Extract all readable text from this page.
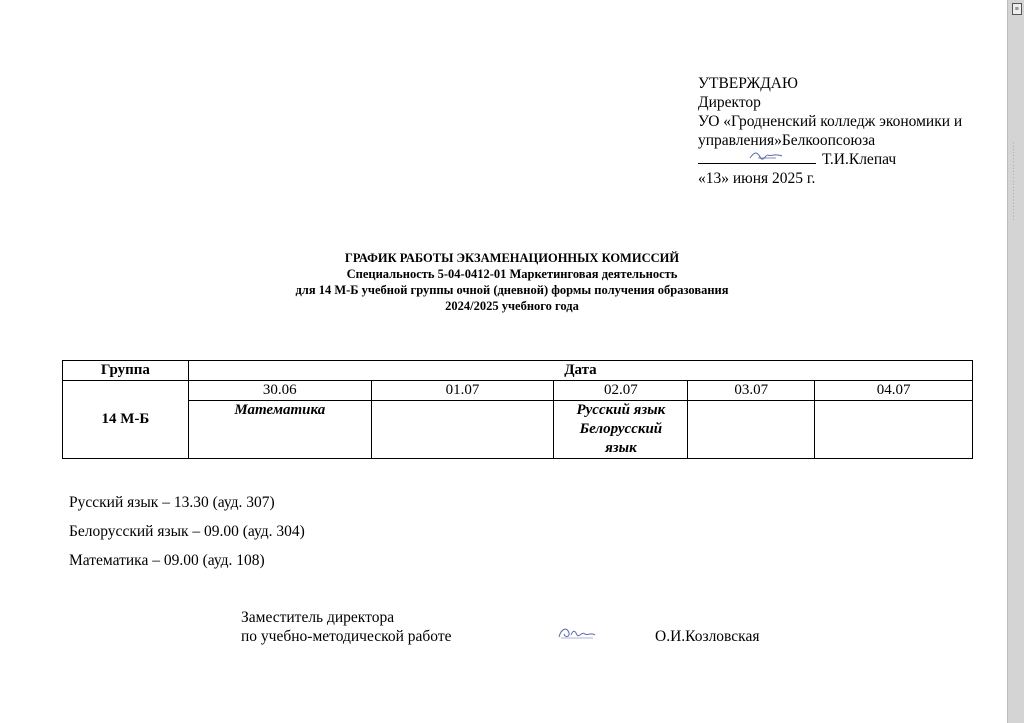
УТВЕРЖДАЮ
Директор
УО «Гродненский колледж экономики и
управления»Белкоопсоюза
Т.И.Клепач
«13» июня 2025 г.
ГРАФИК РАБОТЫ ЭКЗАМЕНАЦИОННЫХ КОМИССИЙ
Специальность 5-04-0412-01 Маркетинговая деятельность
для 14 М-Б учебной группы очной (дневной) формы получения образования
2024/2025 учебного года
Группа	Дата				
14 М-Б	30.06	01.07	02.07	03.07	04.07
	Математика		Русский язык Белорусский язык		
Русский язык – 13.30 (ауд. 307)
Белорусский язык – 09.00 (ауд. 304)
Математика – 09.00 (ауд. 108)
Заместитель директора
по учебно-методической работе	О.И.Козловская
≡
· · · · · · · · · · · · · · · · · · · · · · · · ·
